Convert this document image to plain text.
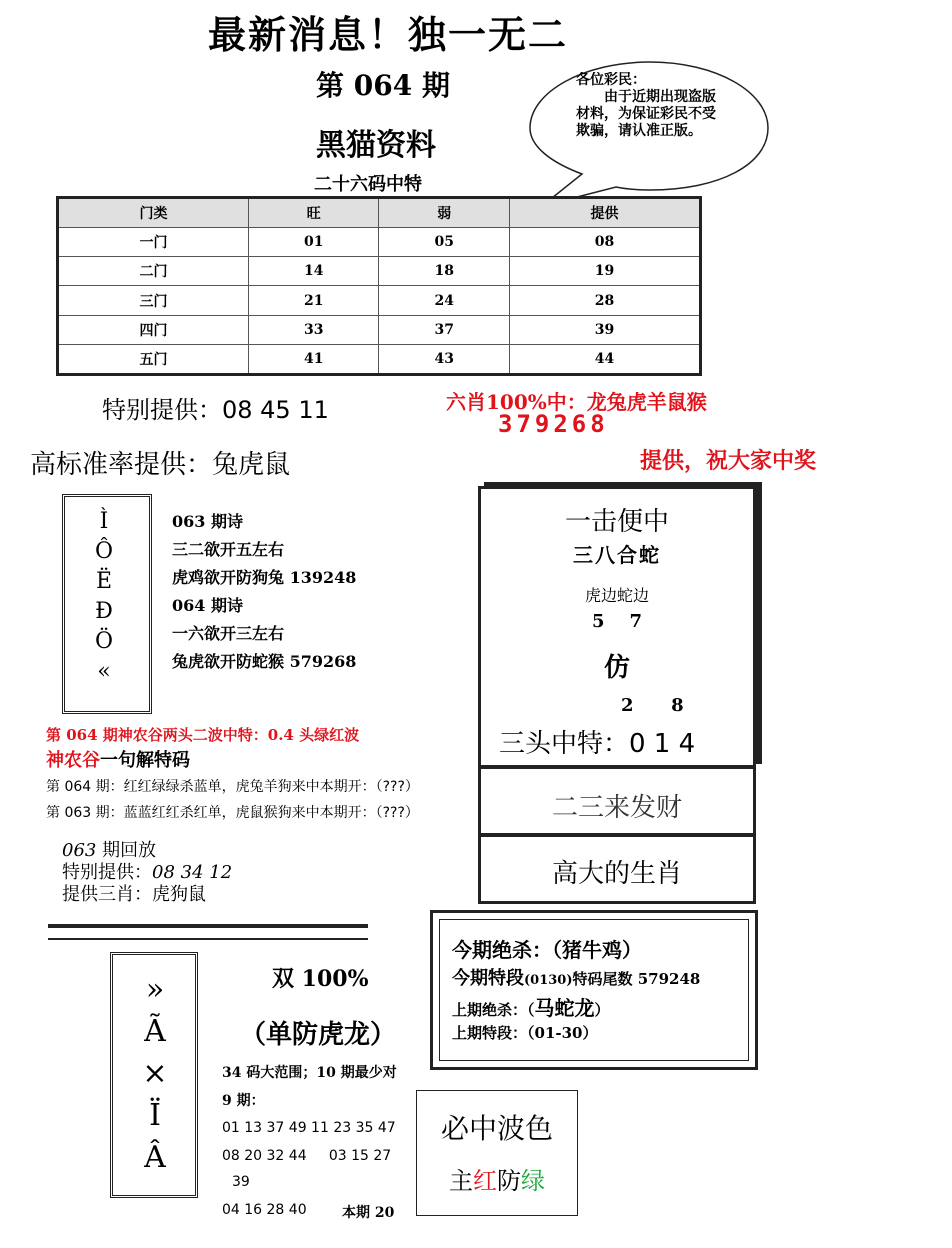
最新消息！独一无二
第 064 期
黑猫资料
二十六码中特
各位彩民：
由于近期出现盗版材料，为保证彩民不受欺骗，请认准正版。
门类	旺	弱	提供
一门	01	05	08
二门	14	18	19
三门	21	24	28
四门	33	37	39
五门	41	43	44
特别提供：08 45 11	六肖100%中：龙兔虎羊鼠猴
379268
提供，祝大家中奖
高标准率提供：兔虎鼠
Ì
Ô
Ë
Ð
Ö
«
063 期诗
三二欲开五左右
虎鸡欲开防狗兔 139248
064 期诗
一六欲开三左右
兔虎欲开防蛇猴 579268
第 064 期神农谷两头二波中特：0.4 头绿红波
神农谷一句解特码
第 064 期：红红绿绿杀蓝单，虎兔羊狗来中本期开：（???）
第 063 期：蓝蓝红红杀红单，虎鼠猴狗来中本期开：（???）
063 期回放
特别提供：08 34 12
提供三肖：虎狗鼠
一击便中
三八合蛇
虎边蛇边
5    7
仿
2      8
三头中特：0 1 4
二三来发财
高大的生肖
»
Ã
×
Ï
Â
双 100%
（单防虎龙）
34 码大范围；10 期最少对
9 期：
01 13 37 49 11 23 35 47
08 20 32 44     03 15 27
39
04 16 28 40	本期 20
今期绝杀：（猪牛鸡）
今期特段(0130)特码尾数 579248
上期绝杀：（马蛇龙）
上期特段：（01-30）
必中波色
主红防绿
